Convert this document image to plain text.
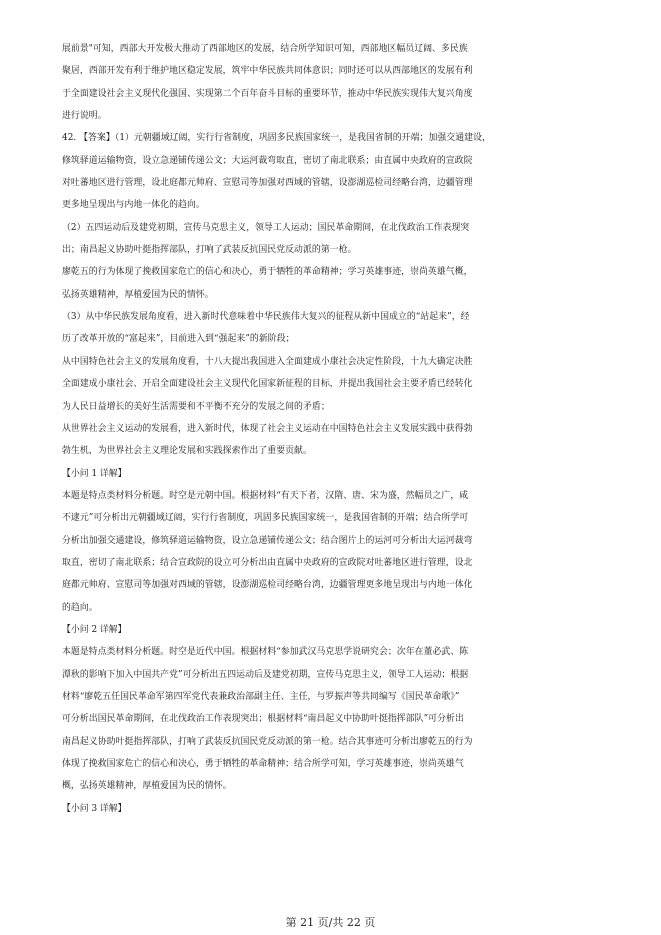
展前景"可知，西部大开发极大推动了西部地区的发展，结合所学知识可知，西部地区幅员辽阔、多民族
聚居，西部开发有利于维护地区稳定发展，筑牢中华民族共同体意识；同时还可以从西部地区的发展有利
于全面建设社会主义现代化强国、实现第二个百年奋斗目标的重要环节，推动中华民族实现伟大复兴角度
进行说明。
42. 【答案】（1）元朝疆域辽阔，实行行省制度，巩固多民族国家统一，是我国省制的开端；加强交通建设，
修筑驿道运输物资，设立急递铺传递公文；大运河裁弯取直，密切了南北联系；由直属中央政府的宣政院
对吐蕃地区进行管理，设北庭都元帅府、宣慰司等加强对西域的管辖，设澎湖巡检司经略台湾，边疆管理
更多地呈现出与内地一体化的趋向。
（2）五四运动后及建党初期，宣传马克思主义，领导工人运动；国民革命期间，在北伐政治工作表现突
出；南昌起义协助叶挺指挥部队，打响了武装反抗国民党反动派的第一枪。
廖乾五的行为体现了挽救国家危亡的信心和决心，勇于牺牲的革命精神；学习英雄事迹，崇尚英雄气概，
弘扬英雄精神，厚植爱国为民的情怀。
（3）从中华民族发展角度看，进入新时代意味着中华民族伟大复兴的征程从新中国成立的“站起来”，经
历了改革开放的“富起来”，目前进入到“强起来”的新阶段；
从中国特色社会主义的发展角度看，十八大提出我国进入全面建成小康社会决定性阶段，十九大确定决胜
全面建成小康社会、开启全面建设社会主义现代化国家新征程的目标，并提出我国社会主要矛盾已经转化
为人民日益增长的美好生活需要和不平衡不充分的发展之间的矛盾；
从世界社会主义运动的发展看，进入新时代，体现了社会主义运动在中国特色社会主义发展实践中获得勃
勃生机，为世界社会主义理论发展和实践探索作出了重要贡献。
【小问 1 详解】
本题是特点类材料分析题。时空是元朝中国。根据材料“有天下者，汉隋、唐、宋为盛，然幅员之广，咸
不逮元”可分析出元朝疆域辽阔，实行行省制度，巩固多民族国家统一，是我国省制的开端；结合所学可
分析出加强交通建设，修筑驿道运输物资，设立急递铺传递公文；结合图片上的运河可分析出大运河裁弯
取直，密切了南北联系；结合宣政院的设立可分析出由直属中央政府的宣政院对吐蕃地区进行管理，设北
庭都元帅府、宣慰司等加强对西域的管辖，设澎湖巡检司经略台湾，边疆管理更多地呈现出与内地一体化
的趋向。
【小问 2 详解】
本题是特点类材料分析题。时空是近代中国。根据材料“参加武汉马克思学说研究会；次年在董必武、陈
潭秋的影响下加入中国共产党”可分析出五四运动后及建党初期，宣传马克思主义，领导工人运动；根据
材料“廖乾五任国民革命军第四军党代表兼政治部副主任、主任，与罗振声等共同编写《国民革命歌》”
可分析出国民革命期间，在北伐政治工作表现突出；根据材料“南昌起义中协助叶挺指挥部队”可分析出
南昌起义协助叶挺指挥部队，打响了武装反抗国民党反动派的第一枪。结合其事迹可分析出廖乾五的行为
体现了挽救国家危亡的信心和决心，勇于牺牲的革命精神；结合所学可知，学习英雄事迹，崇尚英雄气
概，弘扬英雄精神，厚植爱国为民的情怀。
【小问 3 详解】
第 21 页/共 22 页
